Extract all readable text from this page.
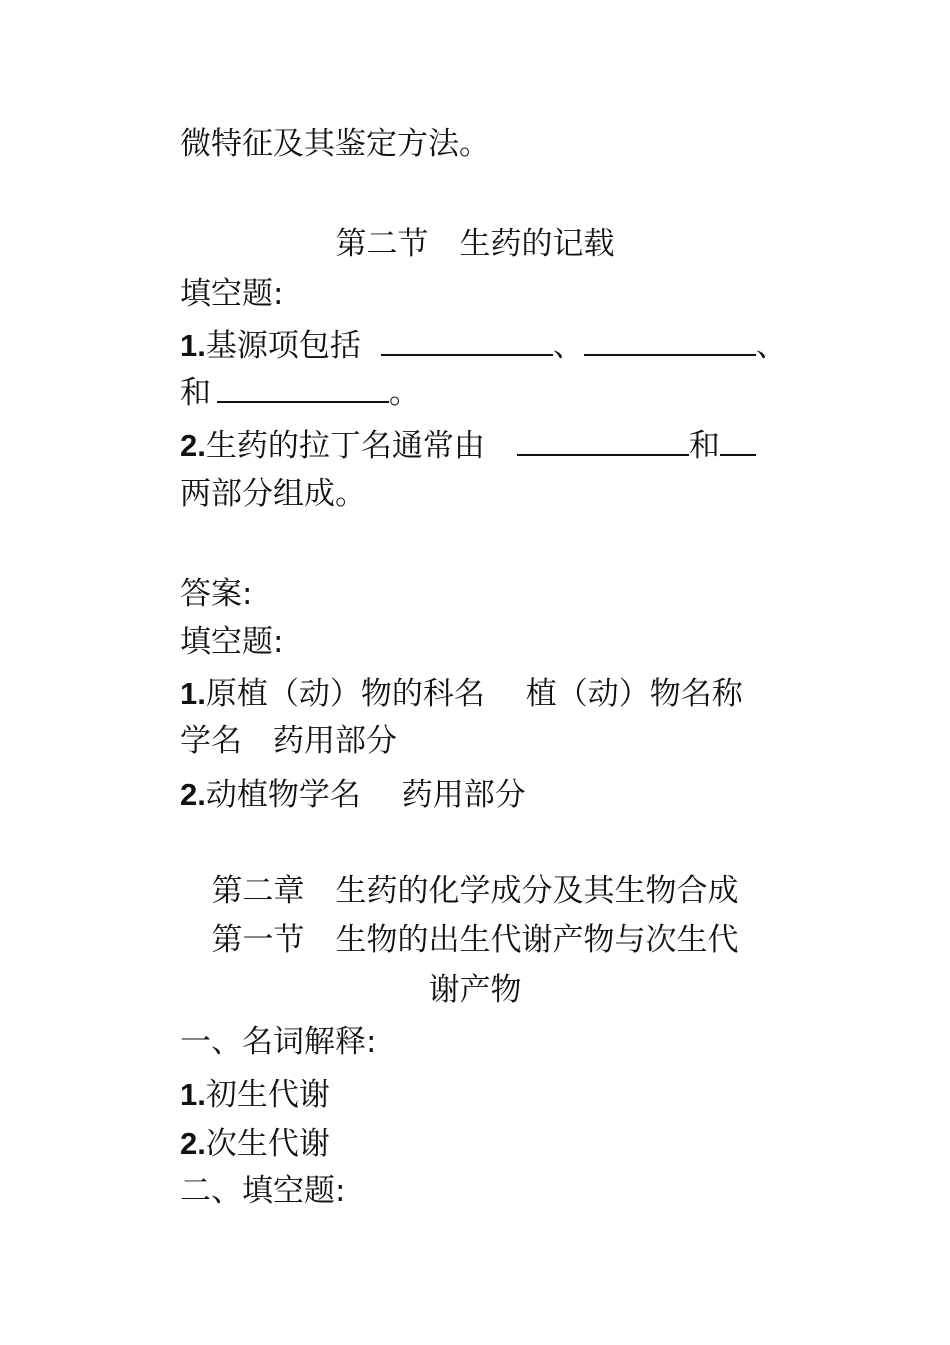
微特征及其鉴定方法。
第二节　生药的记载
填空题:
1.基源项包括	、	、
和	。
2.生药的拉丁名通常由	和
两部分组成。
答案:
填空题:
1.原植（动）物的科名　 植（动）物名称
学名　药用部分
2.动植物学名　 药用部分
第二章　生药的化学成分及其生物合成
第一节　生物的出生代谢产物与次生代
谢产物
一、名词解释:
1.初生代谢
2.次生代谢
二、填空题:
